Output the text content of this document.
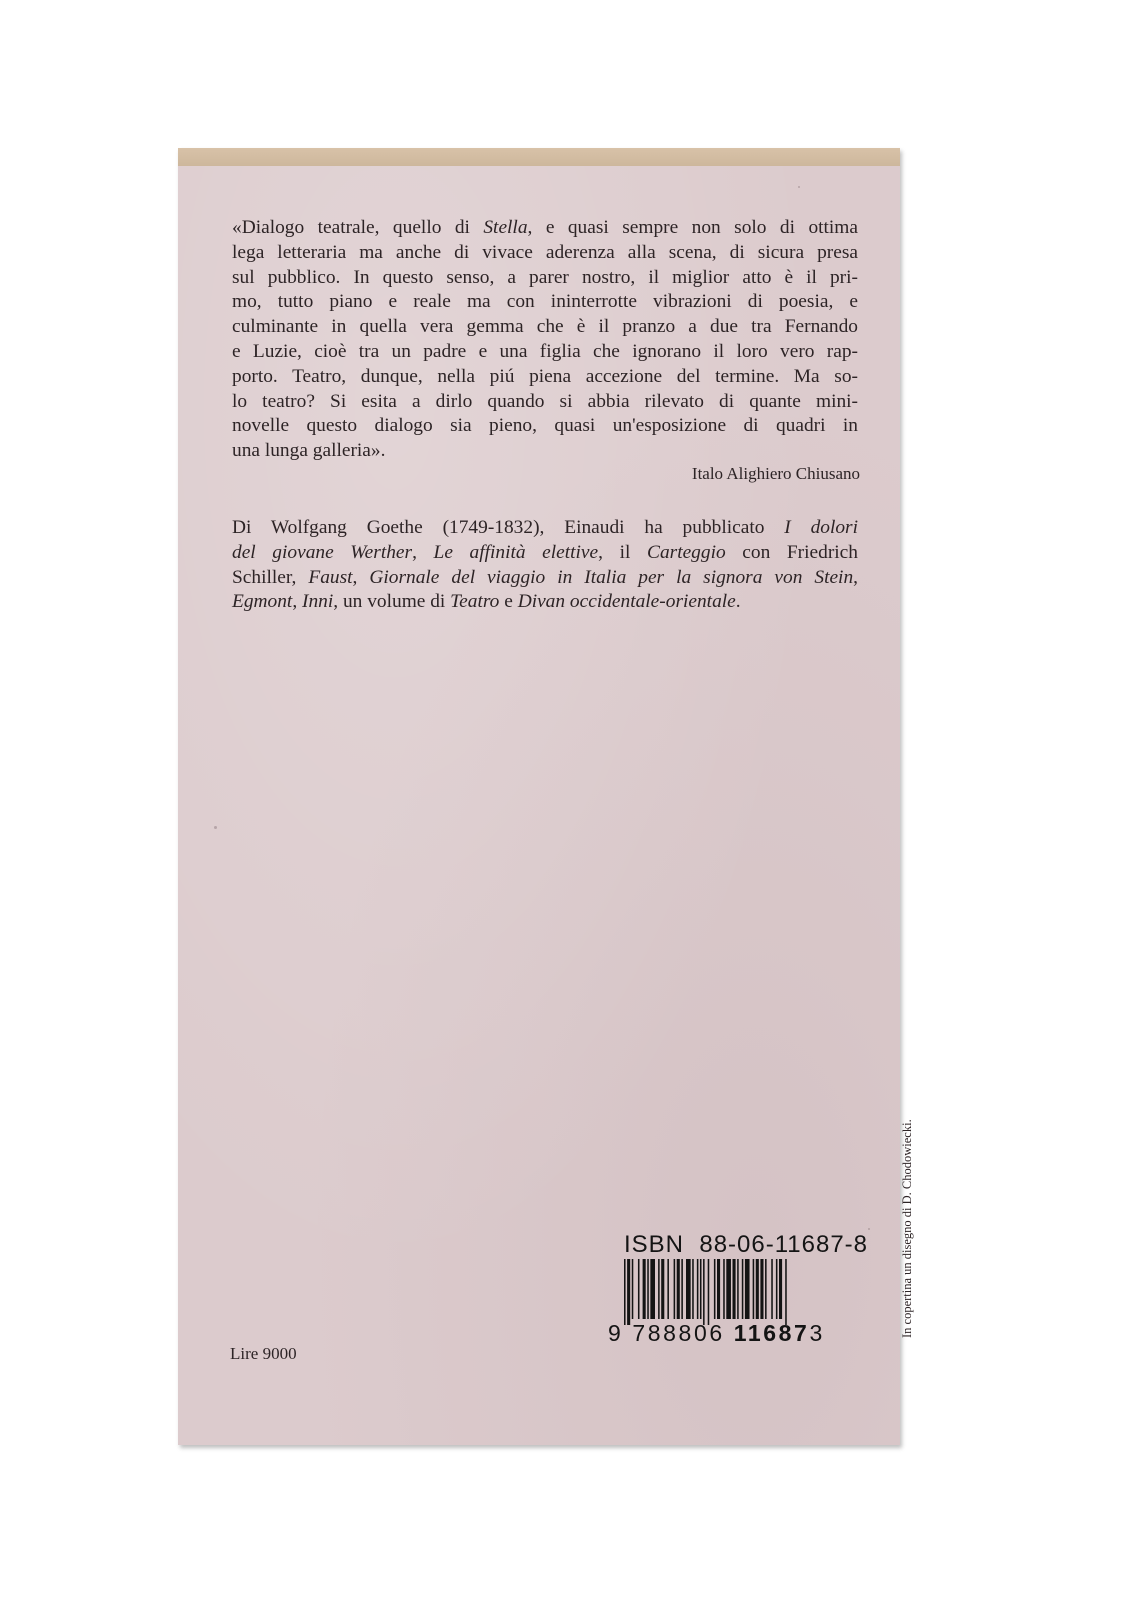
«Dialogo teatrale, quello di Stella, e quasi sempre non solo di ottima
lega letteraria ma anche di vivace aderenza alla scena, di sicura presa
sul pubblico. In questo senso, a parer nostro, il miglior atto è il pri-
mo, tutto piano e reale ma con ininterrotte vibrazioni di poesia, e
culminante in quella vera gemma che è il pranzo a due tra Fernando
e Luzie, cioè tra un padre e una figlia che ignorano il loro vero rap-
porto. Teatro, dunque, nella piú piena accezione del termine. Ma so-
lo teatro? Si esita a dirlo quando si abbia rilevato di quante mini-
novelle questo dialogo sia pieno, quasi un'esposizione di quadri in
una lunga galleria».
Italo Alighiero Chiusano
Di Wolfgang Goethe (1749-1832), Einaudi ha pubblicato I dolori
del giovane Werther, Le affinità elettive, il Carteggio con Friedrich
Schiller, Faust, Giornale del viaggio in Italia per la signora von Stein,
Egmont, Inni, un volume di Teatro e Divan occidentale-orientale.
ISBN  88-06-11687-8
9 788806 116873
Lire 9000
In copertina un disegno di D. Chodowiecki.
